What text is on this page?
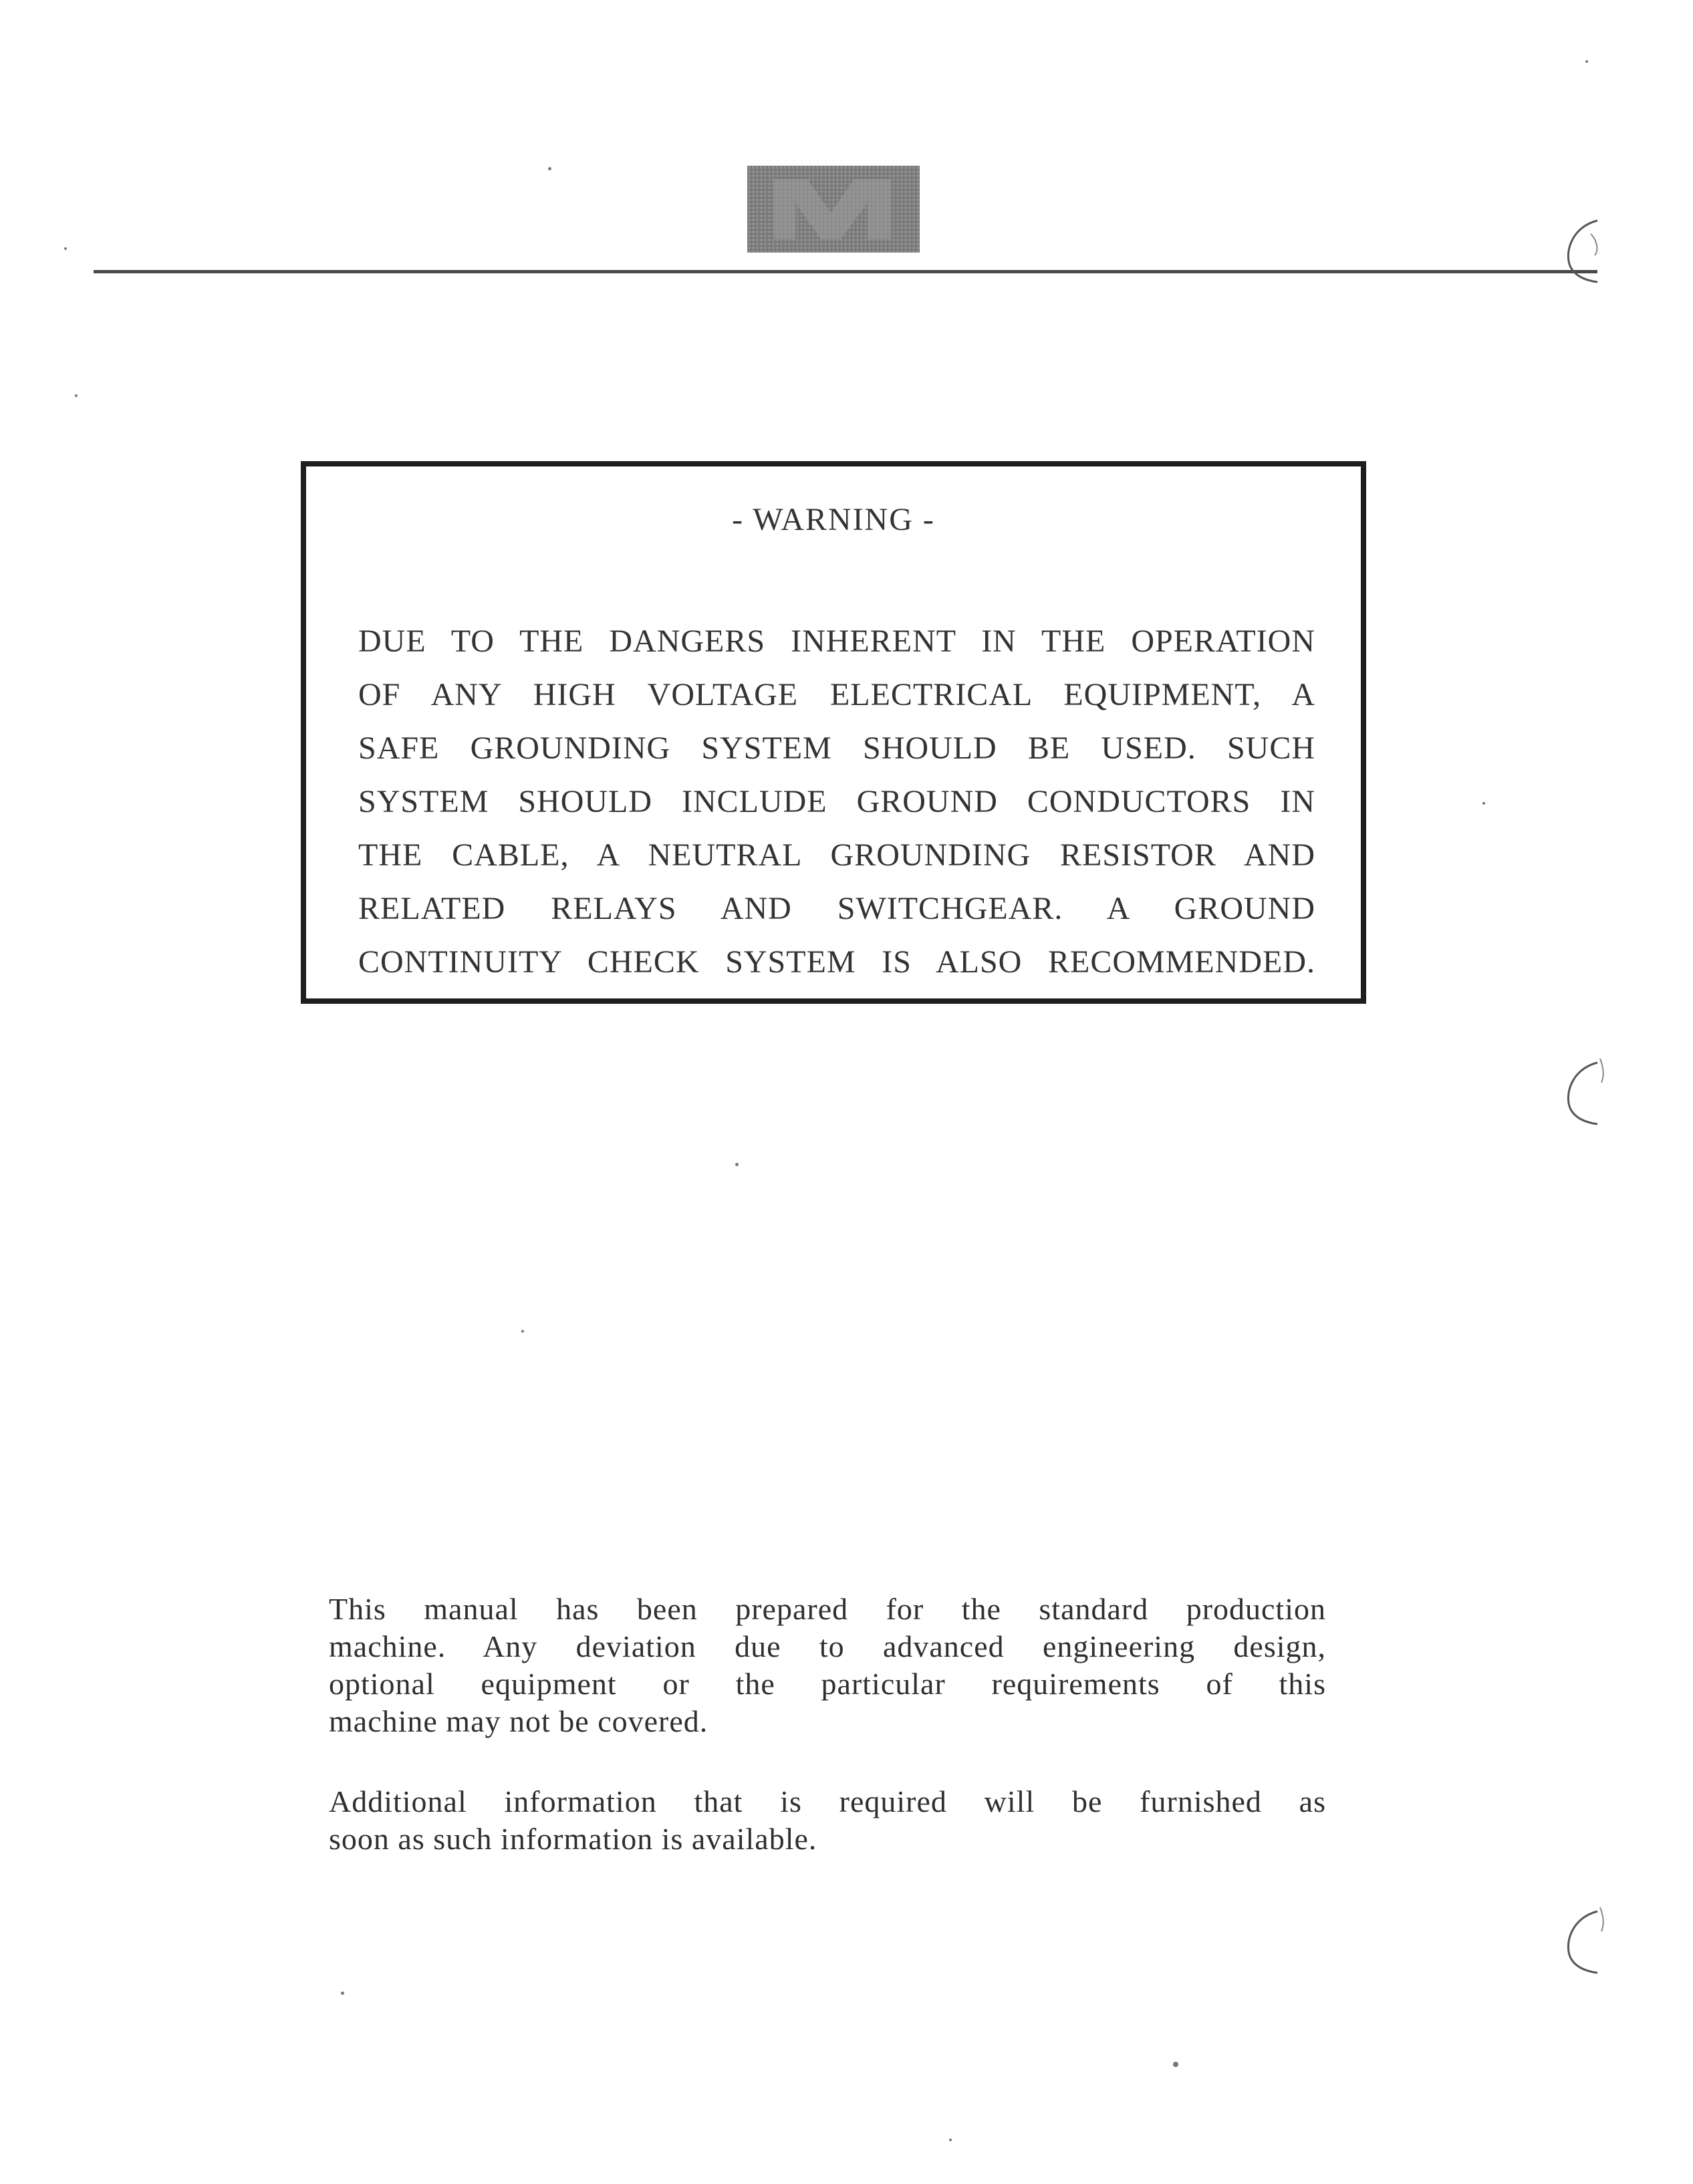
- WARNING -
DUE TO THE DANGERS INHERENT IN THE OPERATION
OF ANY HIGH VOLTAGE ELECTRICAL EQUIPMENT, A
SAFE GROUNDING SYSTEM SHOULD BE USED. SUCH
SYSTEM SHOULD INCLUDE GROUND CONDUCTORS IN
THE CABLE, A NEUTRAL GROUNDING RESISTOR AND
RELATED RELAYS AND SWITCHGEAR. A GROUND
CONTINUITY CHECK SYSTEM IS ALSO RECOMMENDED.
This manual has been prepared for the standard production
machine. Any deviation due to advanced engineering design,
optional equipment or the particular requirements of this
machine may not be covered.
Additional information that is required will be furnished as
soon as such information is available.
